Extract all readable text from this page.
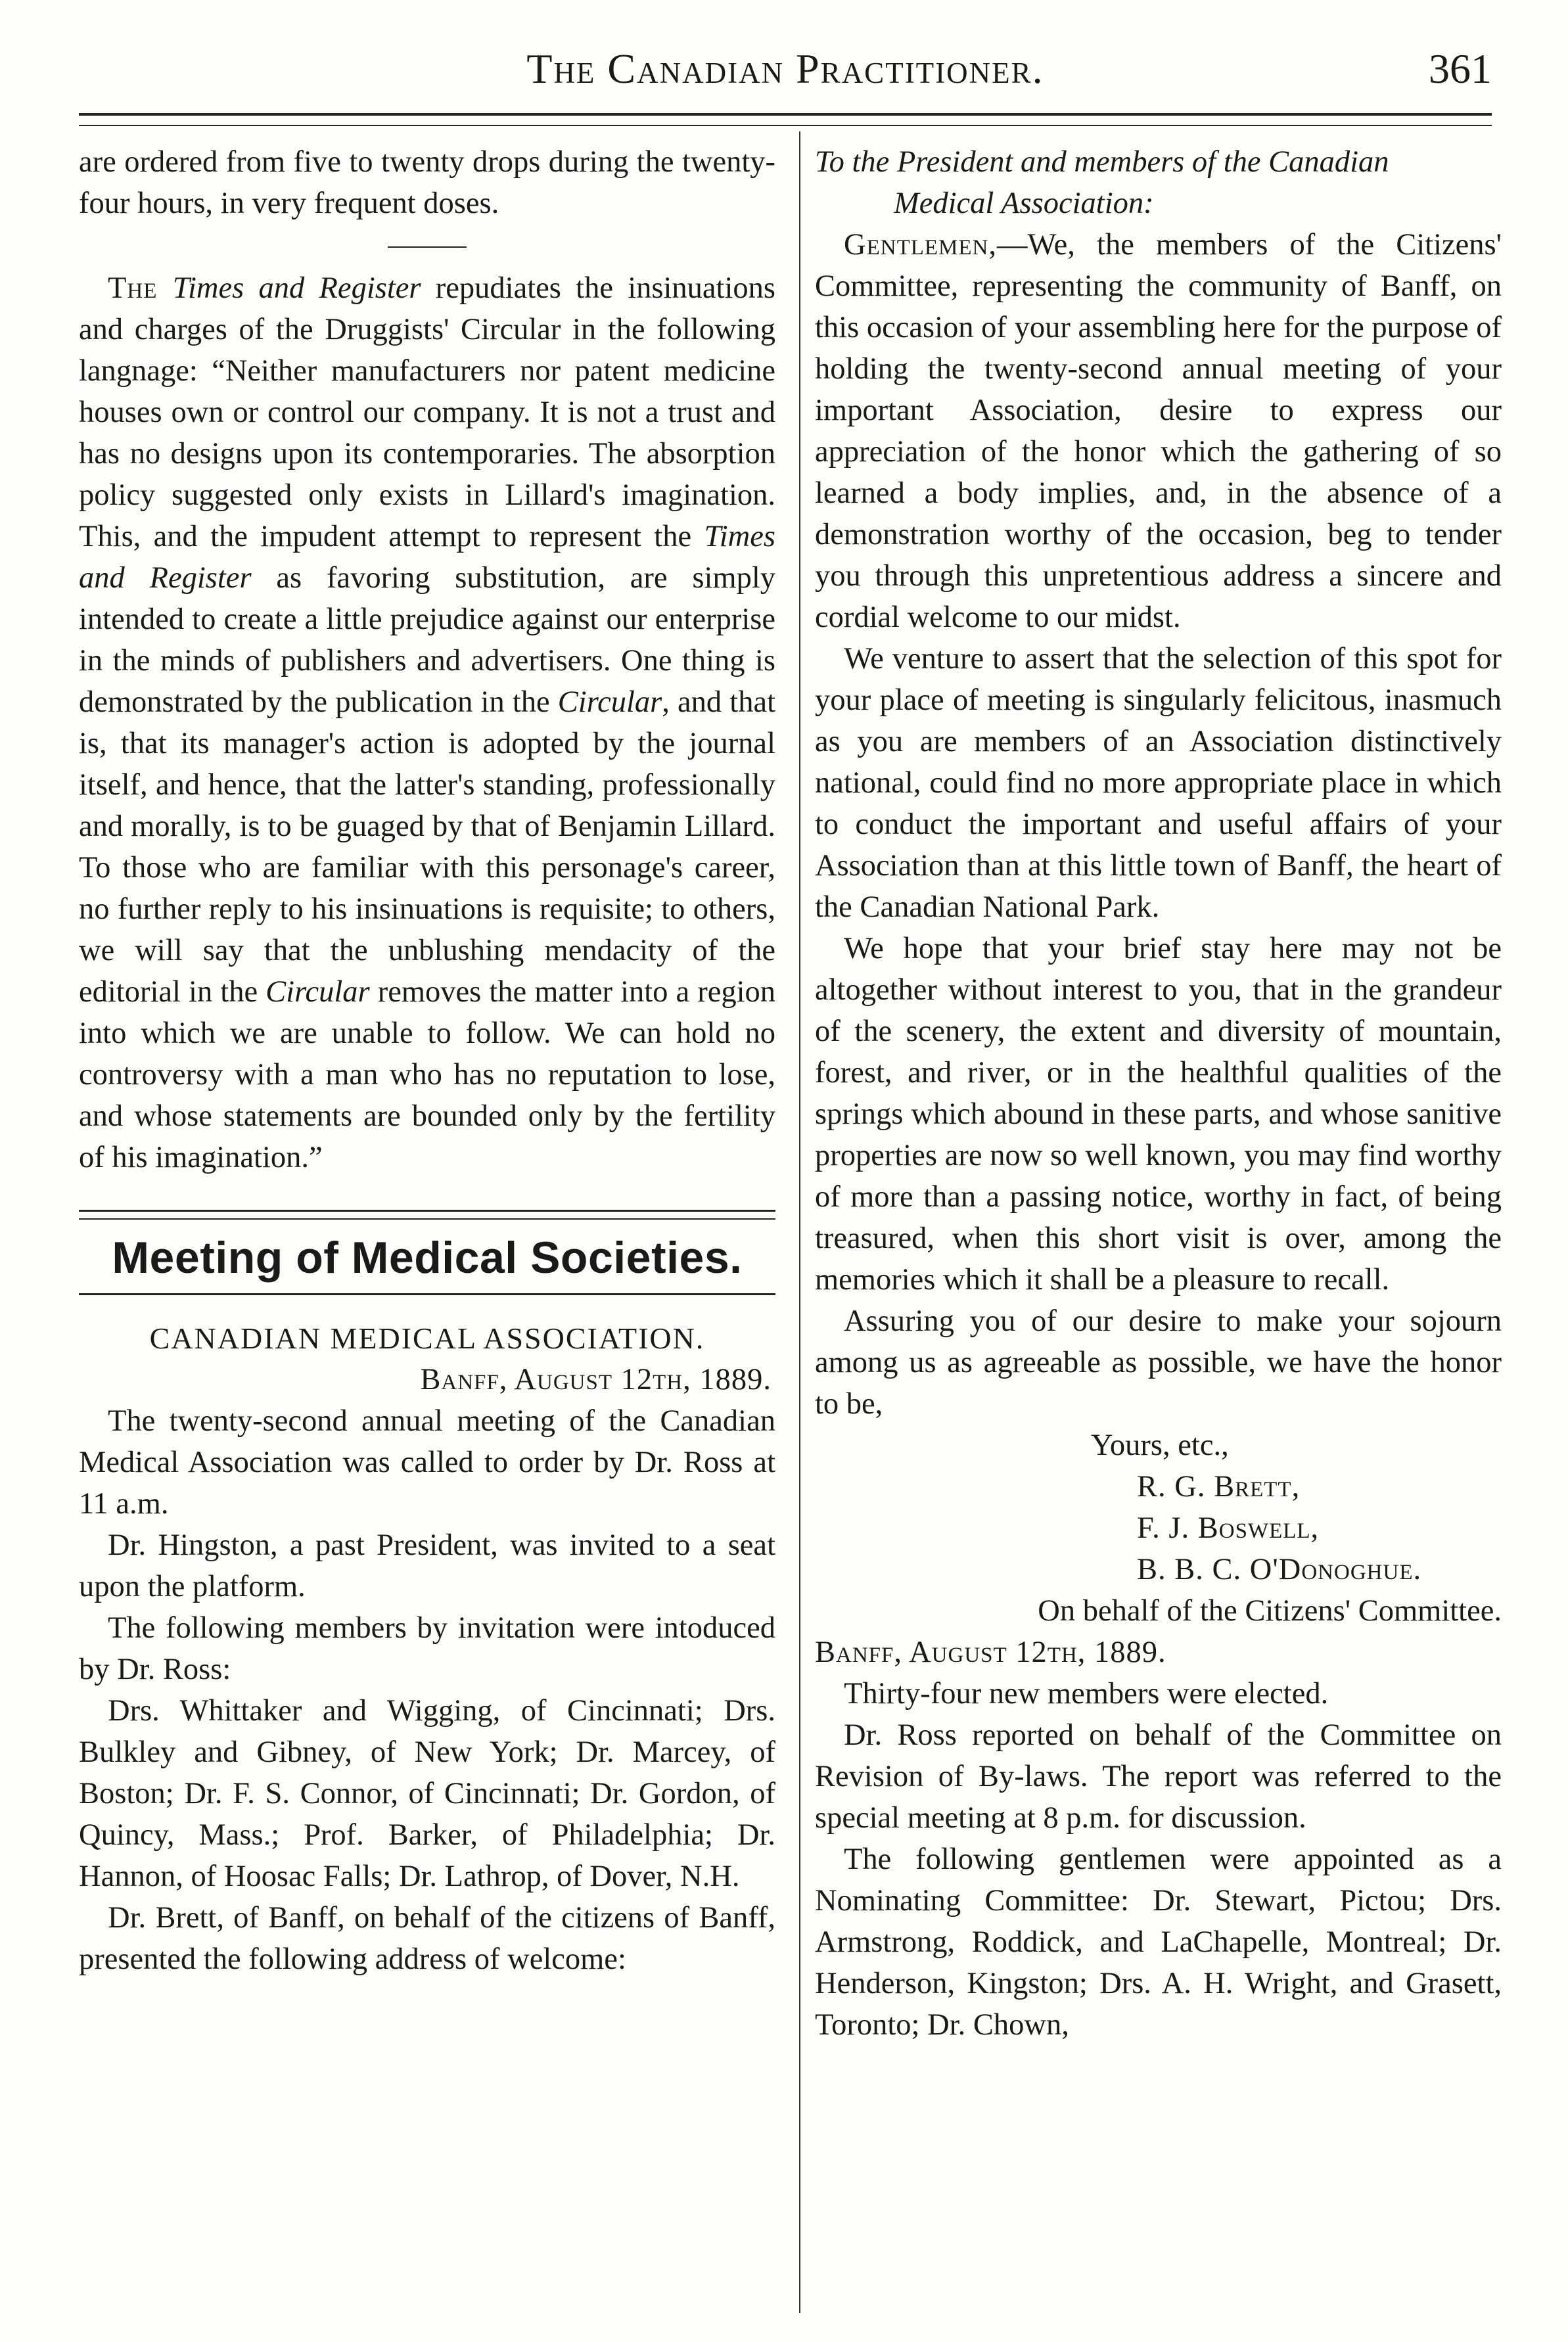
The Canadian Practitioner.	361

are ordered from five to twenty drops during the twenty-four hours, in very frequent doses.

The Times and Register repudiates the insinuations and charges of the Druggists' Circular in the following langnage: “Neither manufacturers nor patent medicine houses own or control our company. It is not a trust and has no designs upon its contemporaries. The absorption policy suggested only exists in Lillard's imagination. This, and the impudent attempt to represent the Times and Register as favoring substitution, are simply intended to create a little prejudice against our enterprise in the minds of publishers and advertisers. One thing is demonstrated by the publication in the Circular, and that is, that its manager's action is adopted by the journal itself, and hence, that the latter's standing, professionally and morally, is to be guaged by that of Benjamin Lillard. To those who are familiar with this personage's career, no further reply to his insinuations is requisite; to others, we will say that the unblushing mendacity of the editorial in the Circular removes the matter into a region into which we are unable to follow. We can hold no controversy with a man who has no reputation to lose, and whose statements are bounded only by the fertility of his imagination.”

Meeting of Medical Societies.

CANADIAN MEDICAL ASSOCIATION.

Banff, August 12th, 1889.

The twenty-second annual meeting of the Canadian Medical Association was called to order by Dr. Ross at 11 a.m.

Dr. Hingston, a past President, was invited to a seat upon the platform.

The following members by invitation were intoduced by Dr. Ross:

Drs. Whittaker and Wigging, of Cincinnati; Drs. Bulkley and Gibney, of New York; Dr. Marcey, of Boston; Dr. F. S. Connor, of Cincinnati; Dr. Gordon, of Quincy, Mass.; Prof. Barker, of Philadelphia; Dr. Hannon, of Hoosac Falls; Dr. Lathrop, of Dover, N.H.

Dr. Brett, of Banff, on behalf of the citizens of Banff, presented the following address of welcome:

To the President and members of the Canadian
Medical Association:

Gentlemen,—We, the members of the Citizens' Committee, representing the community of Banff, on this occasion of your assembling here for the purpose of holding the twenty-second annual meeting of your important Association, desire to express our appreciation of the honor which the gathering of so learned a body implies, and, in the absence of a demonstration worthy of the occasion, beg to tender you through this unpretentious address a sincere and cordial welcome to our midst.

We venture to assert that the selection of this spot for your place of meeting is singularly felicitous, inasmuch as you are members of an Association distinctively national, could find no more appropriate place in which to conduct the important and useful affairs of your Association than at this little town of Banff, the heart of the Canadian National Park.

We hope that your brief stay here may not be altogether without interest to you, that in the grandeur of the scenery, the extent and diversity of mountain, forest, and river, or in the healthful qualities of the springs which abound in these parts, and whose sanitive properties are now so well known, you may find worthy of more than a passing notice, worthy in fact, of being treasured, when this short visit is over, among the memories which it shall be a pleasure to recall.

Assuring you of our desire to make your sojourn among us as agreeable as possible, we have the honor to be,

Yours, etc.,

R. G. Brett,

F. J. Boswell,

B. B. C. O'Donoghue.

On behalf of the Citizens' Committee.

Banff, August 12th, 1889.

Thirty-four new members were elected.

Dr. Ross reported on behalf of the Committee on Revision of By-laws. The report was referred to the special meeting at 8 p.m. for discussion.

The following gentlemen were appointed as a Nominating Committee: Dr. Stewart, Pictou; Drs. Armstrong, Roddick, and LaChapelle, Montreal; Dr. Henderson, Kingston; Drs. A. H. Wright, and Grasett, Toronto; Dr. Chown,
